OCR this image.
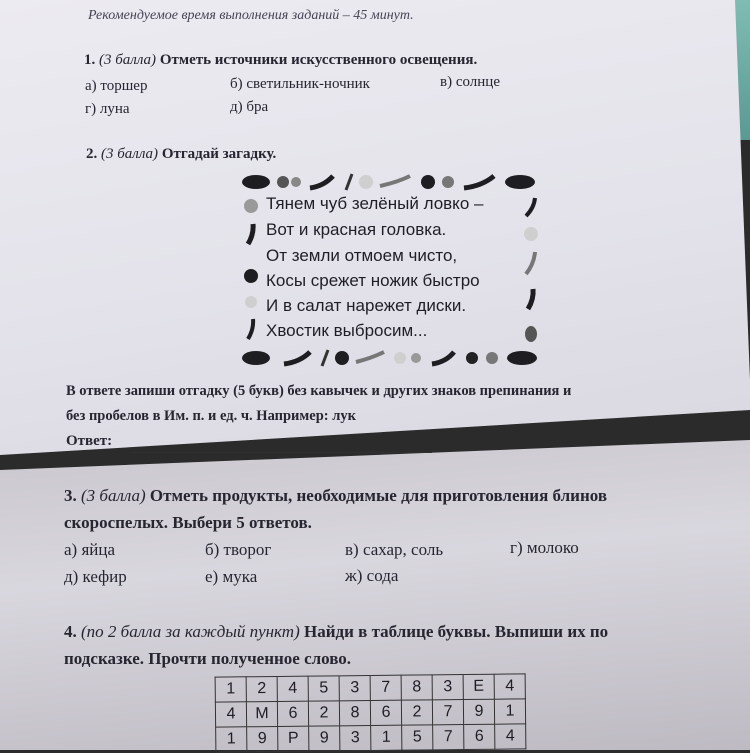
Рекомендуемое время выполнения заданий – 45 минут.
1. (3 балла) Отметь источники искусственного освещения.
а) торшер	б) светильник-ночник	в) солнце
г) луна	д) бра
2. (3 балла) Отгадай загадку.
Тянем чуб зелёный ловко –
Вот и красная головка.
От земли отмоем чисто,
Косы срежет ножик быстро
И в салат нарежет диски.
Хвостик выбросим...
В ответе запиши отгадку (5 букв) без кавычек и других знаков препинания и
без пробелов в Им. п. и ед. ч. Например: лук
Ответ:
3. (3 балла) Отметь продукты, необходимые для приготовления блинов
скороспелых. Выбери 5 ответов.
а) яйца	б) творог	в) сахар, соль	г) молоко
д) кефир	е) мука	ж) сода
4. (по 2 балла за каждый пункт) Найди в таблице буквы. Выпиши их по
подсказке. Прочти полученное слово.
1	2	4	5	3	7	8	3	Е	4
4	М	6	2	8	6	2	7	9	1
1	9	Р	9	3	1	5	7	6	4
